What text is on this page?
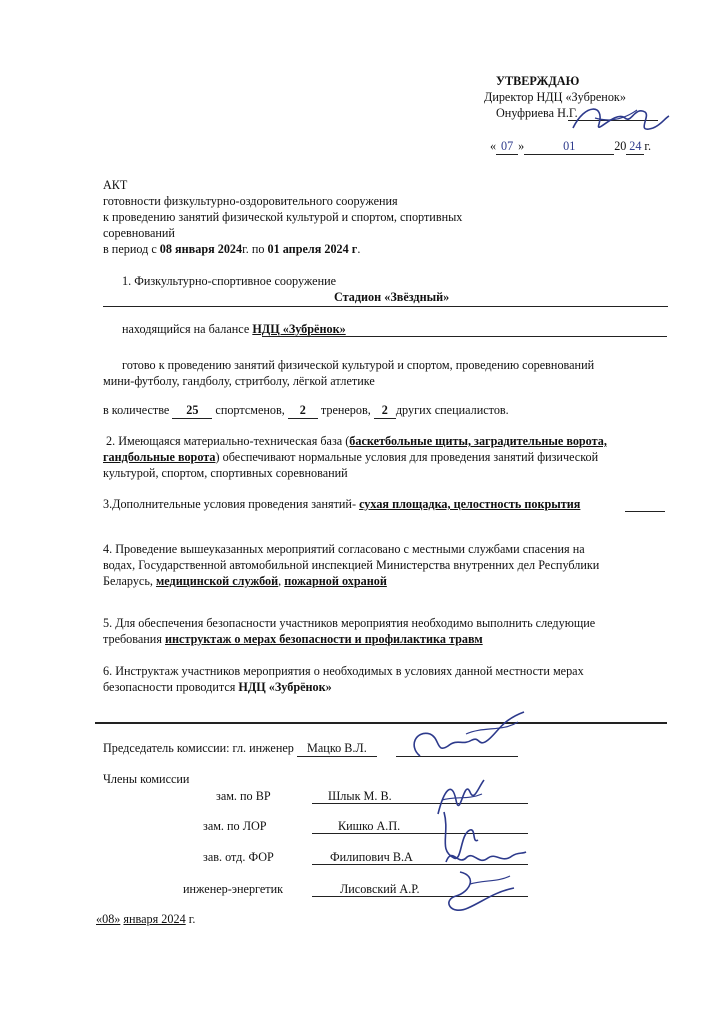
УТВЕРЖДАЮ
Директор НДЦ «Зубренок»
Онуфриева Н.Г.
« 07 »	01	20 24 г.
АКТ
готовности физкультурно-оздоровительного сооружения
к проведению занятий физической культурой и спортом, спортивных
соревнований
в период с 08 января 2024г. по 01 апреля 2024 г.
1. Физкультурно-спортивное сооружение
Стадион «Звёздный»
находящийся на балансе НДЦ «Зубрёнок»
готово к проведению занятий физической культурой и спортом, проведению соревнований
мини-футболу, гандболу, стритболу, лёгкой атлетике
в количестве 25 спортсменов, 2 тренеров, 2 других специалистов.
2. Имеющаяся материально-техническая база (баскетбольные щиты, заградительные ворота,
гандбольные ворота) обеспечивают нормальные условия для проведения занятий физической
культурой, спортом, спортивных соревнований
3.Дополнительные условия проведения занятий- сухая площадка, целостность покрытия
4. Проведение вышеуказанных мероприятий согласовано с местными службами спасения на
водах, Государственной автомобильной инспекцией Министерства внутренних дел Республики
Беларусь, медицинской службой, пожарной охраной
5. Для обеспечения безопасности участников мероприятия необходимо выполнить следующие
требования инструктаж о мерах безопасности и профилактика травм
6. Инструктаж участников мероприятия о необходимых в условиях данной местности мерах
безопасности проводится НДЦ «Зубрёнок»
Председатель комиссии: гл. инженер Мацко В.Л.
Члены комиссии
зам. по ВР	Шлык М. В.
зам. по ЛОР	Кишко А.П.
зав. отд. ФОР	Филипович В.А
инженер-энергетик	Лисовский А.Р.
«08» января 2024 г.
